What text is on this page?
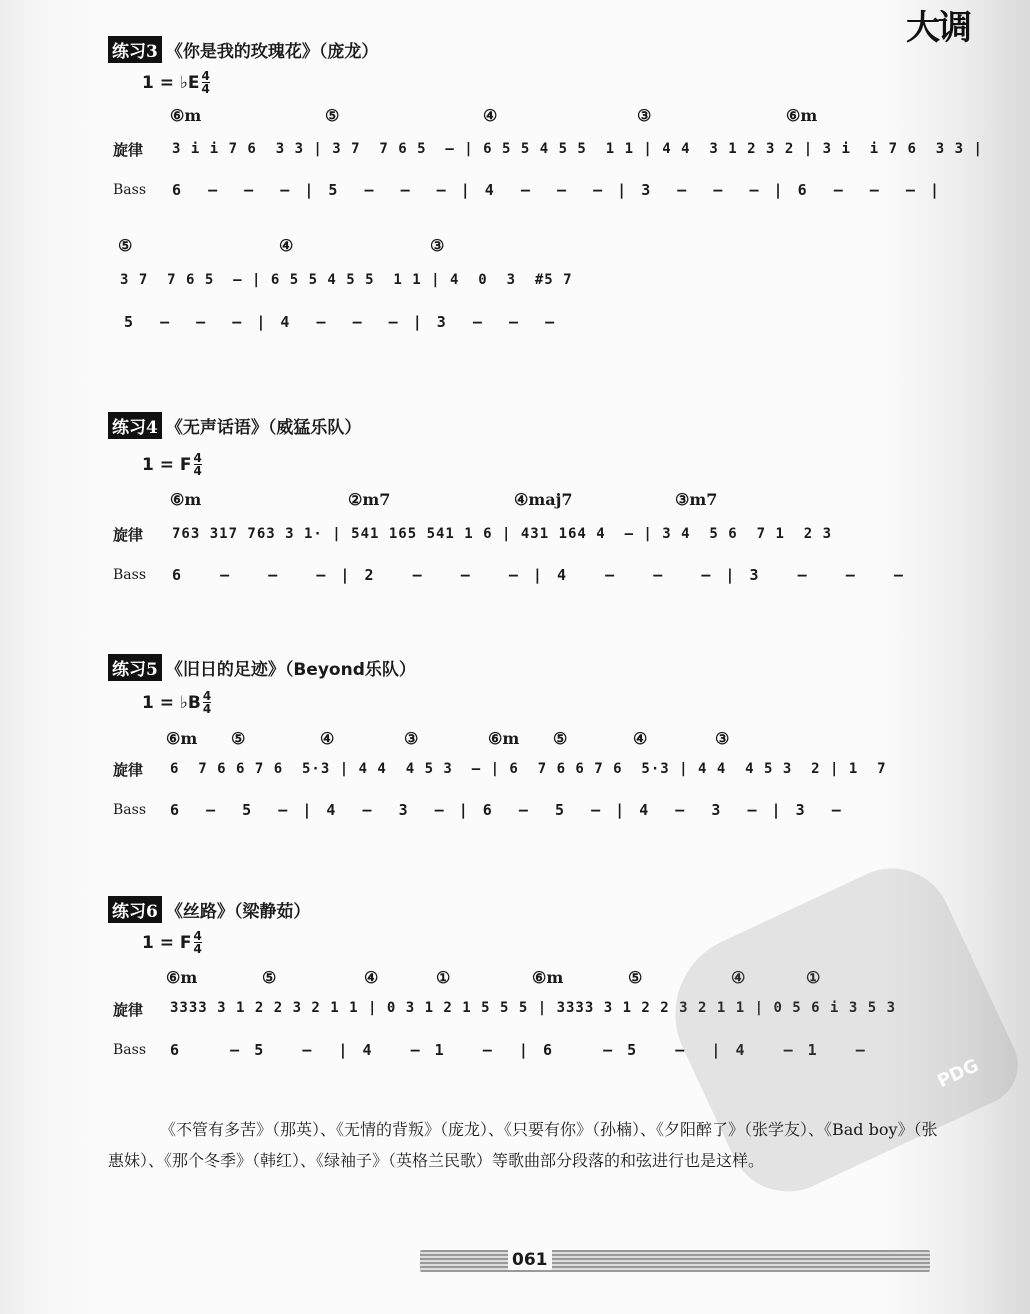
大调
练习3 《你是我的玫瑰花》（庞龙）
1 = ♭E $\frac{4}{4}$
⑥m	⑤	④	③	⑥m
旋律 3 i i 7 6  3 3 | 3 7  7 6 5  — | 6 5 5 4 5 5  1 1 | 4 4  3 1 2 3 2 | 3 i  i 7 6  3 3 |
Bass 6  —  —  — | 5  —  —  — | 4  —  —  — | 3  —  —  — | 6  —  —  — |
⑤	④	③
3 7  7 6 5  — | 6 5 5 4 5 5  1 1 | 4  0  3  #5 7
5  —  —  — | 4  —  —  — | 3  —  —  —
练习4 《无声话语》（威猛乐队）
1 = F $\frac{4}{4}$
⑥m	②m7	④maj7	③m7
旋律 763 317 763 3 1· | 541 165 541 1 6 | 431 164 4  — | 3 4  5 6  7 1  2 3
Bass 6   —   —   — | 2   —   —   — | 4   —   —   — | 3   —   —   —
练习5 《旧日的足迹》（Beyond乐队）
1 = ♭B $\frac{4}{4}$
⑥m ⑤	④	③	⑥m ⑤	④	③
旋律 6  7 6 6 7 6  5·3 | 4 4  4 5 3  — | 6  7 6 6 7 6  5·3 | 4 4  4 5 3  2 | 1  7
Bass 6  —  5  — | 4  —  3  — | 6  —  5  — | 4  —  3  — | 3  —
练习6 《丝路》（梁静茹）
1 = F $\frac{4}{4}$
⑥m	⑤	④	①	⑥m	⑤	④	①
旋律 3333 3 1 2 2 3 2 1 1 | 0 3 1 2 1 5 5 5 | 3333 3 1 2 2 3 2 1 1 | 0 5 6 i 3 5 3
Bass 6    — 5   —  | 4   — 1   —  | 6    — 5   —  | 4   — 1   —
PDG

《不管有多苦》（那英）、《无情的背叛》（庞龙）、《只要有你》（孙楠）、《夕阳醉了》（张学友）、《Bad boy》（张惠妹）、《那个冬季》（韩红）、《绿袖子》（英格兰民歌）等歌曲部分段落的和弦进行也是这样。

061
